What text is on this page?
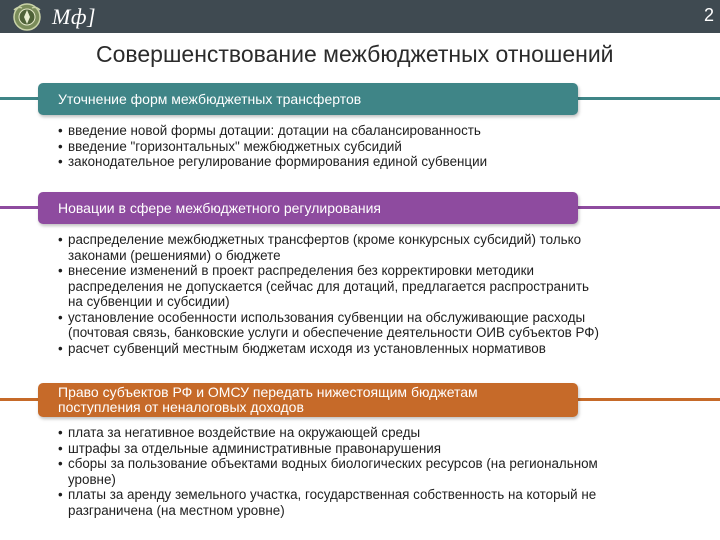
Мф]	2
Совершенствование межбюджетных отношений
Уточнение форм межбюджетных трансфертов
• введение новой формы дотации: дотации на сбалансированность
• введение "горизонтальных" межбюджетных субсидий
• законодательное регулирование формирования единой субвенции
Новации в сфере межбюджетного регулирования
• распределение межбюджетных трансфертов (кроме конкурсных субсидий) только
законами (решениями) о бюджете
• внесение изменений в проект распределения без корректировки методики
распределения не допускается (сейчас для дотаций, предлагается распространить
на субвенции и субсидии)
• установление особенности использования субвенции на обслуживающие расходы
(почтовая связь, банковские услуги и обеспечение деятельности ОИВ субъектов РФ)
• расчет субвенций местным бюджетам исходя из установленных нормативов
Право субъектов РФ и ОМСУ передать нижестоящим бюджетам
поступления от неналоговых доходов
• плата за негативное воздействие на окружающей среды
• штрафы за отдельные административные правонарушения
• сборы за пользование объектами водных биологических ресурсов (на региональном
уровне)
• платы за аренду земельного участка, государственная собственность на который не
разграничена (на местном уровне)
